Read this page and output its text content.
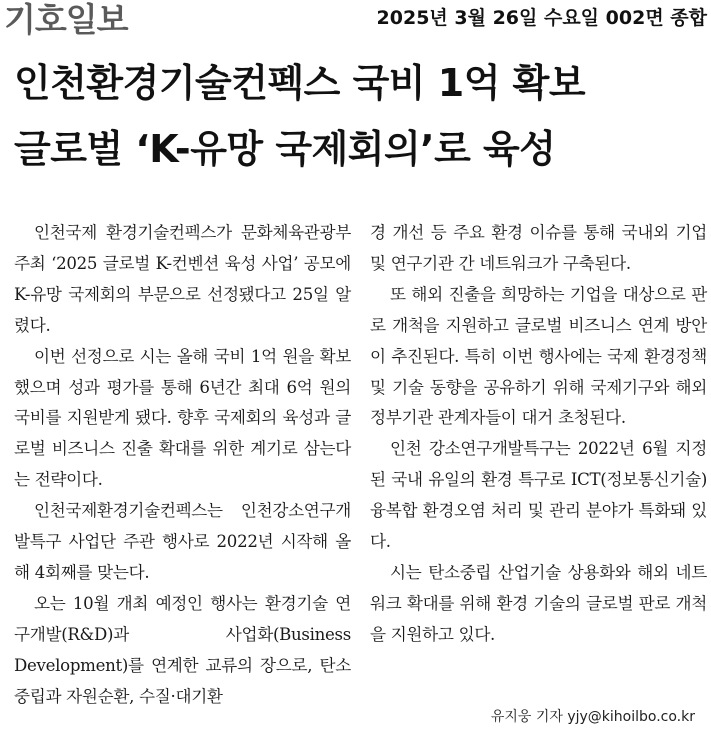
기호일보	2025년 3월 26일 수요일 002면 종합
인천환경기술컨펙스 국비 1억 확보
글로벌 ‘K-유망 국제회의’로 육성

인천국제 환경기술컨펙스가 문화체육관광부 주최 ‘2025 글로벌 K-컨벤션 육성 사업’ 공모에 K-유망 국제회의 부문으로 선정됐다고 25일 알렸다.

이번 선정으로 시는 올해 국비 1억 원을 확보했으며 성과 평가를 통해 6년간 최대 6억 원의 국비를 지원받게 됐다. 향후 국제회의 육성과 글로벌 비즈니스 진출 확대를 위한 계기로 삼는다는 전략이다.

인천국제환경기술컨펙스는 인천강소연구개발특구 사업단 주관 행사로 2022년 시작해 올해 4회째를 맞는다.

오는 10월 개최 예정인 행사는 환경기술 연구개발(R&D)과 사업화(Business Development)를 연계한 교류의 장으로, 탄소중립과 자원순환, 수질·대기환

경 개선 등 주요 환경 이슈를 통해 국내외 기업 및 연구기관 간 네트워크가 구축된다.

또 해외 진출을 희망하는 기업을 대상으로 판로 개척을 지원하고 글로벌 비즈니스 연계 방안이 추진된다. 특히 이번 행사에는 국제 환경정책 및 기술 동향을 공유하기 위해 국제기구와 해외 정부기관 관계자들이 대거 초청된다.

인천 강소연구개발특구는 2022년 6월 지정된 국내 유일의 환경 특구로 ICT(정보통신기술) 융복합 환경오염 처리 및 관리 분야가 특화돼 있다.

시는 탄소중립 산업기술 상용화와 해외 네트워크 확대를 위해 환경 기술의 글로벌 판로 개척을 지원하고 있다.

유지웅 기자 yjy@kihoilbo.co.kr
